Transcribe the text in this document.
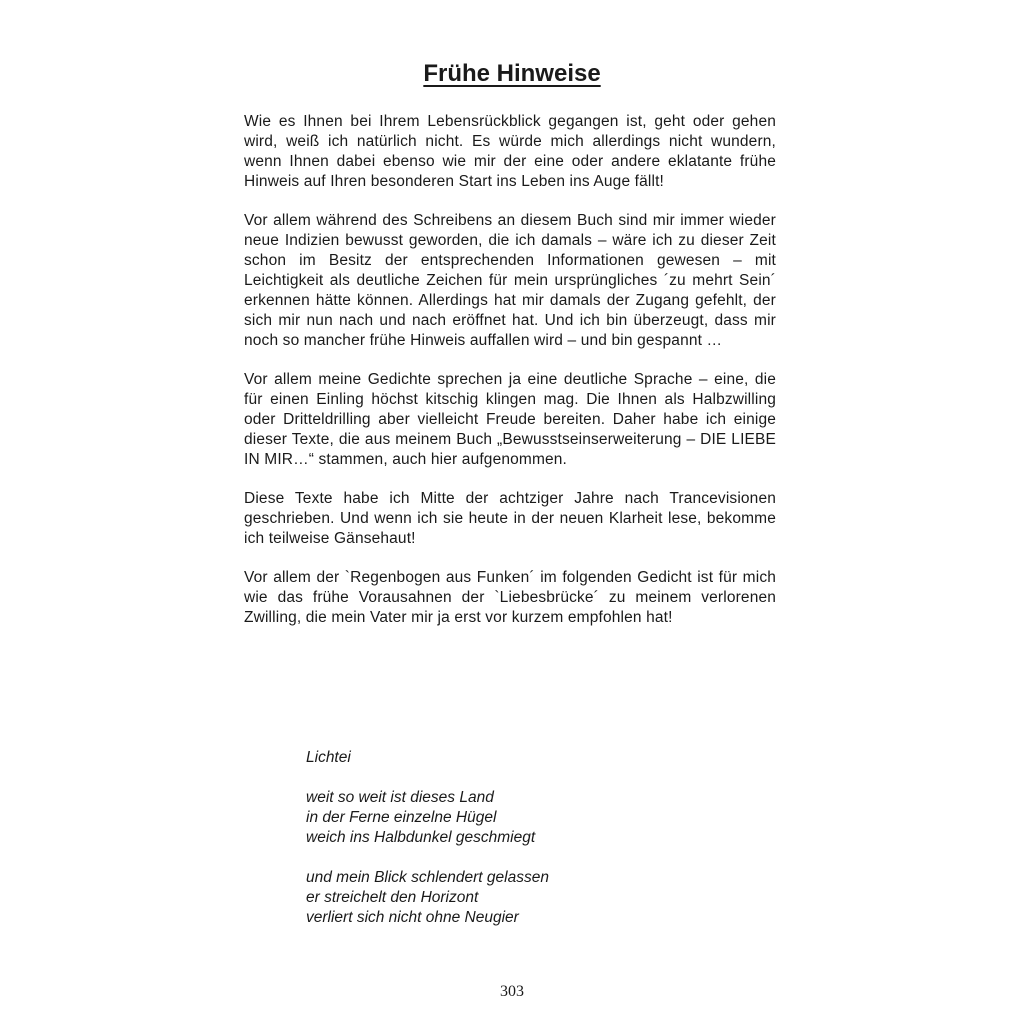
Frühe Hinweise

Wie es Ihnen bei Ihrem Lebensrückblick gegangen ist, geht oder gehen wird, weiß ich natürlich nicht. Es würde mich allerdings nicht wundern, wenn Ihnen dabei ebenso wie mir der eine oder andere eklatante frühe Hinweis auf Ihren besonderen Start ins Leben ins Auge fällt!

Vor allem während des Schreibens an diesem Buch sind mir immer wieder neue Indizien bewusst geworden, die ich damals – wäre ich zu dieser Zeit schon im Besitz der entsprechenden Informationen gewesen – mit Leichtigkeit als deutliche Zeichen für mein ursprüngliches ´zu mehrt Sein´ erkennen hätte können. Allerdings hat mir damals der Zugang gefehlt, der sich mir nun nach und nach eröffnet hat. Und ich bin überzeugt, dass mir noch so mancher frühe Hinweis auffallen wird – und bin gespannt …

Vor allem meine Gedichte sprechen ja eine deutliche Sprache – eine, die für einen Einling höchst kitschig klingen mag. Die Ihnen als Halbzwilling oder Dritteldrilling aber vielleicht Freude bereiten. Daher habe ich einige dieser Texte, die aus meinem Buch „Bewusstseinserweiterung – DIE LIEBE IN MIR…“ stammen, auch hier aufgenommen.

Diese Texte habe ich Mitte der achtziger Jahre nach Trancevisionen geschrieben. Und wenn ich sie heute in der neuen Klarheit lese, bekomme ich teilweise Gänsehaut!

Vor allem der `Regenbogen aus Funken´ im folgenden Gedicht ist für mich wie das frühe Vorausahnen der `Liebesbrücke´ zu meinem verlorenen Zwilling, die mein Vater mir ja erst vor kurzem empfohlen hat!

Lichtei
weit so weit ist dieses Land
in der Ferne einzelne Hügel
weich ins Halbdunkel geschmiegt
und mein Blick schlendert gelassen
er streichelt den Horizont
verliert sich nicht ohne Neugier
303
